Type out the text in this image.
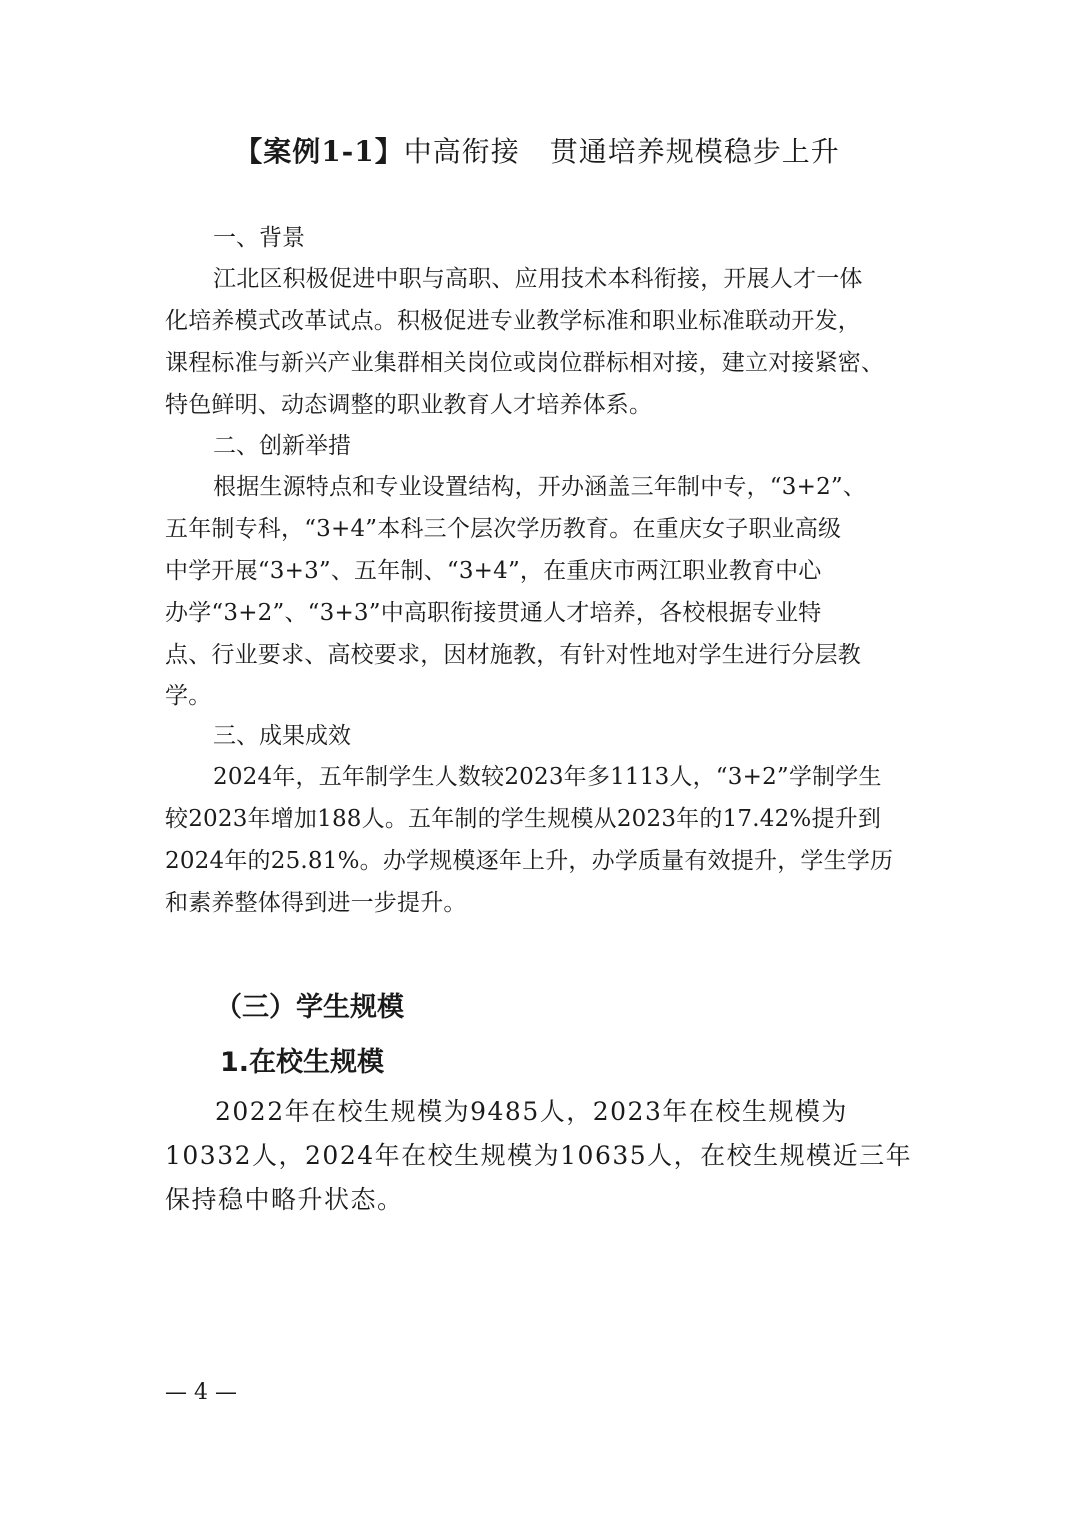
【案例1-1】中高衔接 贯通培养规模稳步上升
一、背景
江北区积极促进中职与高职、应用技术本科衔接，开展人才一体
化培养模式改革试点。积极促进专业教学标准和职业标准联动开发，
课程标准与新兴产业集群相关岗位或岗位群标相对接，建立对接紧密、
特色鲜明、动态调整的职业教育人才培养体系。
二、创新举措
根据生源特点和专业设置结构，开办涵盖三年制中专，“3+2”、
五年制专科，“3+4”本科三个层次学历教育。在重庆女子职业高级
中学开展“3+3”、五年制、“3+4”，在重庆市两江职业教育中心
办学“3+2”、“3+3”中高职衔接贯通人才培养，各校根据专业特
点、行业要求、高校要求，因材施教，有针对性地对学生进行分层教
学。
三、成果成效
2024年，五年制学生人数较2023年多1113人，“3+2”学制学生
较2023年增加188人。五年制的学生规模从2023年的17.42%提升到
2024年的25.81%。办学规模逐年上升，办学质量有效提升，学生学历
和素养整体得到进一步提升。
（三）学生规模
1.在校生规模
2022年在校生规模为9485人，2023年在校生规模为
10332人，2024年在校生规模为10635人，在校生规模近三年
保持稳中略升状态。
— 4 —
